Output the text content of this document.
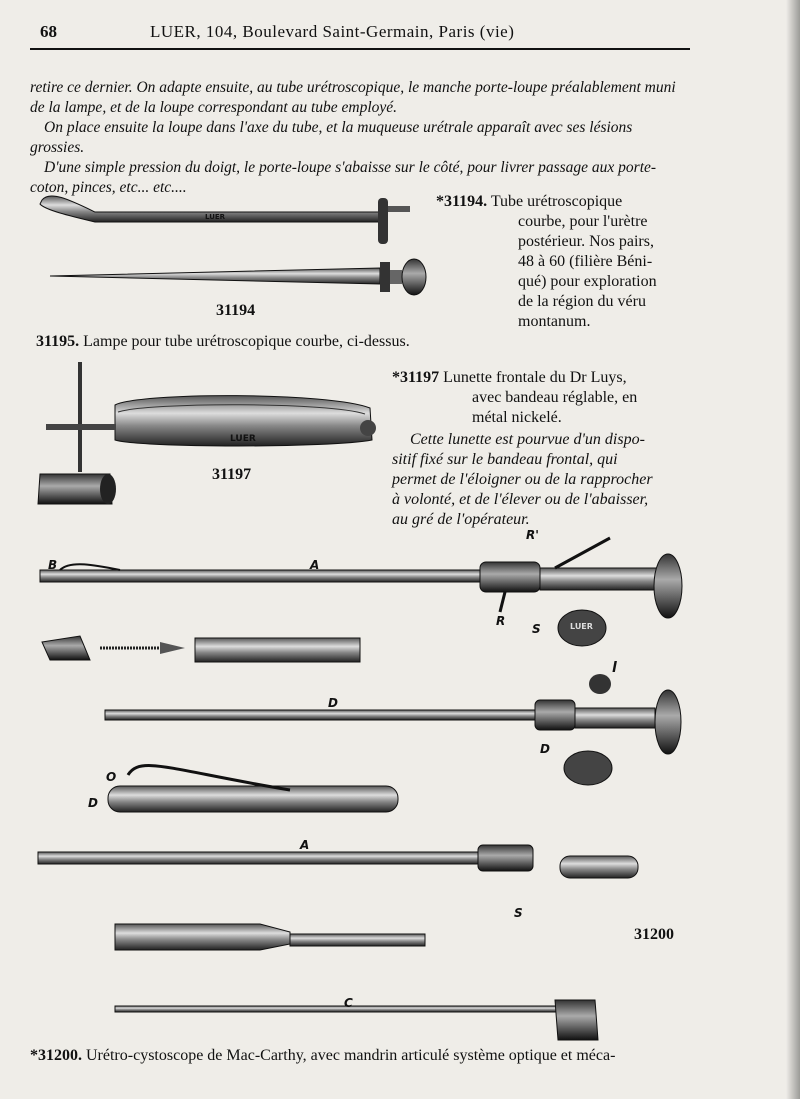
68	LUER, 104, Boulevard Saint-Germain, Paris (vie)

retire ce dernier. On adapte ensuite, au tube urétroscopique, le manche porte-loupe préalablement muni de la lampe, et de la loupe correspondant au tube employé.

On place ensuite la loupe dans l'axe du tube, et la muqueuse urétrale apparaît avec ses lésions grossies.

D'une simple pression du doigt, le porte-loupe s'abaisse sur le côté, pour livrer passage aux porte-coton, pinces, etc... etc....

LUER
LUER
LUER
*31194. Tube urétroscopique
courbe, pour l'urètre
postérieur. Nos pairs,
48 à 60 (filière Béni-
qué) pour exploration
de la région du véru
montanum.
31194
31195. Lampe pour tube urétroscopique courbe, ci-dessus.
*31197 Lunette frontale du Dr Luys,
avec bandeau réglable, en
métal nickelé.
Cette lunette est pourvue d'un dispo-
sitif fixé sur le bandeau frontal, qui
permet de l'éloigner ou de la rapprocher
à volonté, et de l'élever ou de l'abaisser,
au gré de l'opérateur.
31197
A
B
R'
R
S
l
D
D
O
D
A
S
C
31200
*31200. Urétro-cystoscope de Mac-Carthy, avec mandrin articulé système optique et méca-
